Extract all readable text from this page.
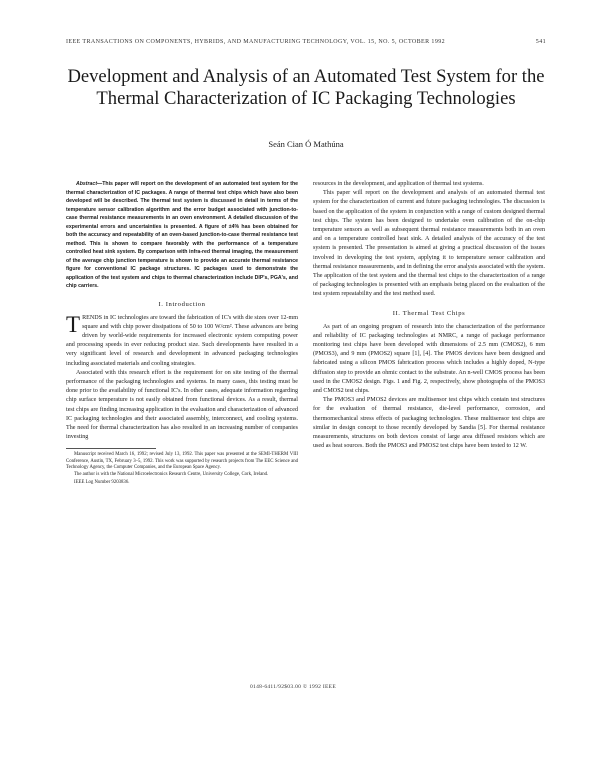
IEEE TRANSACTIONS ON COMPONENTS, HYBRIDS, AND MANUFACTURING TECHNOLOGY, VOL. 15, NO. 5, OCTOBER 1992	541
Development and Analysis of an Automated Test System for the Thermal Characterization of IC Packaging Technologies
Seán Cian Ó Mathúna

Abstract—This paper will report on the development of an automated test system for the thermal characterization of IC packages. A range of thermal test chips which have also been developed will be described. The thermal test system is discussed in detail in terms of the temperature sensor calibration algorithm and the error budget associated with junction-to-case thermal resistance measurements in an oven environment. A detailed discussion of the experimental errors and uncertainties is presented. A figure of ±4% has been obtained for both the accuracy and repeatability of an oven-based junction-to-case thermal resistance test method. This is shown to compare favorably with the performance of a temperature controlled heat sink system. By comparison with infra-red thermal imaging, the measurement of the average chip junction temperature is shown to provide an accurate thermal resistance figure for conventional IC package structures. IC packages used to demonstrate the application of the test system and chips to thermal characterization include DIP's, PGA's, and chip carriers.

I. Introduction

TRENDS in IC technologies are toward the fabrication of IC's with die sizes over 12-mm square and with chip power dissipations of 50 to 100 W/cm². These advances are being driven by world-wide requirements for increased electronic system computing power and processing speeds in ever reducing product size. Such developments have resulted in a very significant level of research and development in advanced packaging technologies including associated materials and cooling strategies.

Associated with this research effort is the requirement for on site testing of the thermal performance of the packaging technologies and systems. In many cases, this testing must be done prior to the availability of functional IC's. In other cases, adequate information regarding chip surface temperature is not easily obtained from functional devices. As a result, thermal test chips are finding increasing application in the evaluation and characterization of advanced IC packaging technologies and their associated assembly, interconnect, and cooling systems. The need for thermal characterization has also resulted in an increasing number of companies investing

Manuscript received March 16, 1992; revised July 13, 1992. This paper was presented at the SEMI-THERM VIII Conference, Austin, TX, February 3–5, 1992. This work was supported by research projects from The EEC Science and Technology Agency, the Computer Companies, and the European Space Agency.
The author is with the National Microelectronics Research Centre, University College, Cork, Ireland.
IEEE Log Number 9203836.

resources in the development, and application of thermal test systems.

This paper will report on the development and analysis of an automated thermal test system for the characterization of current and future packaging technologies. The discussion is based on the application of the system in conjunction with a range of custom designed thermal test chips. The system has been designed to undertake oven calibration of the on-chip temperature sensors as well as subsequent thermal resistance measurements both in an oven and on a temperature controlled heat sink. A detailed analysis of the accuracy of the test system is presented. The presentation is aimed at giving a practical discussion of the issues involved in developing the test system, applying it to temperature sensor calibration and thermal resistance measurements, and in defining the error analysis associated with the system. The application of the test system and the thermal test chips to the characterization of a range of packaging technologies is presented with an emphasis being placed on the evaluation of the test system repeatability and the test method used.

II. Thermal Test Chips

As part of an ongoing program of research into the characterization of the performance and reliability of IC packaging technologies at NMRC, a range of package performance monitoring test chips have been developed with dimensions of 2.5 mm (CMOS2), 6 mm (PMOS3), and 9 mm (PMOS2) square [1], [4]. The PMOS devices have been designed and fabricated using a silicon PMOS fabrication process which includes a highly doped, N-type diffusion step to provide an ohmic contact to the substrate. An n-well CMOS process has been used in the CMOS2 design. Figs. 1 and Fig. 2, respectively, show photographs of the PMOS3 and CMOS2 test chips.

The PMOS3 and PMOS2 devices are multisensor test chips which contain test structures for the evaluation of thermal resistance, die-level performance, corrosion, and thermomechanical stress effects of packaging technologies. These multisensor test chips are similar in design concept to those recently developed by Sandia [5]. For thermal resistance measurements, structures on both devices consist of large area diffused resistors which are used as heat sources. Both the PMOS3 and PMOS2 test chips have been tested to 12 W.

0148-6411/92$03.00 © 1992 IEEE
